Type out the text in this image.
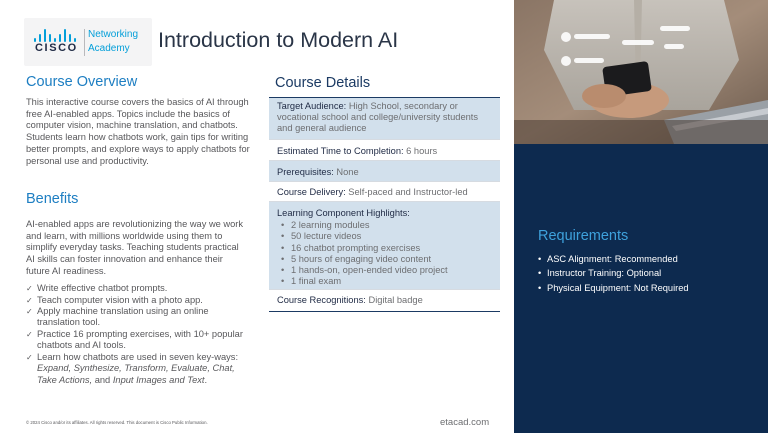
CISCO
Networking
Academy	Introduction to Modern AI
Course Overview

This interactive course covers the basics of AI through free AI-enabled apps. Topics include the basics of computer vision, machine translation, and chatbots. Students learn how chatbots work, gain tips for writing better prompts, and explore ways to apply chatbots for personal use and productivity.

Benefits

AI-enabled apps are revolutionizing the way we work and learn, with millions worldwide using them to simplify everyday tasks. Teaching students practical AI skills can foster innovation and enhance their future AI readiness.

✓ Write effective chatbot prompts.
✓ Teach computer vision with a photo app.
✓ Apply machine translation using an online translation tool.
✓ Practice 16 prompting exercises, with 10+ popular chatbots and AI tools.
✓ Learn how chatbots are used in seven key-ways: Expand, Synthesize, Transform, Evaluate, Chat, Take Actions, and Input Images and Text.
Course Details
Target Audience: High School, secondary or vocational school and college/university students and general audience
Estimated Time to Completion: 6 hours
Prerequisites: None
Course Delivery: Self-paced and Instructor-led
Learning Component Highlights:
• 2 learning modules
• 50 lecture videos
• 16 chatbot prompting exercises
• 5 hours of engaging video content
• 1 hands-on, open-ended video project
• 1 final exam
Course Recognitions: Digital badge
Requirements
• ASC Alignment: Recommended
• Instructor Training: Optional
• Physical Equipment: Not Required
© 2024 Cisco and/or its affiliates. All rights reserved. This document is Cisco Public Information.	etacad.com
